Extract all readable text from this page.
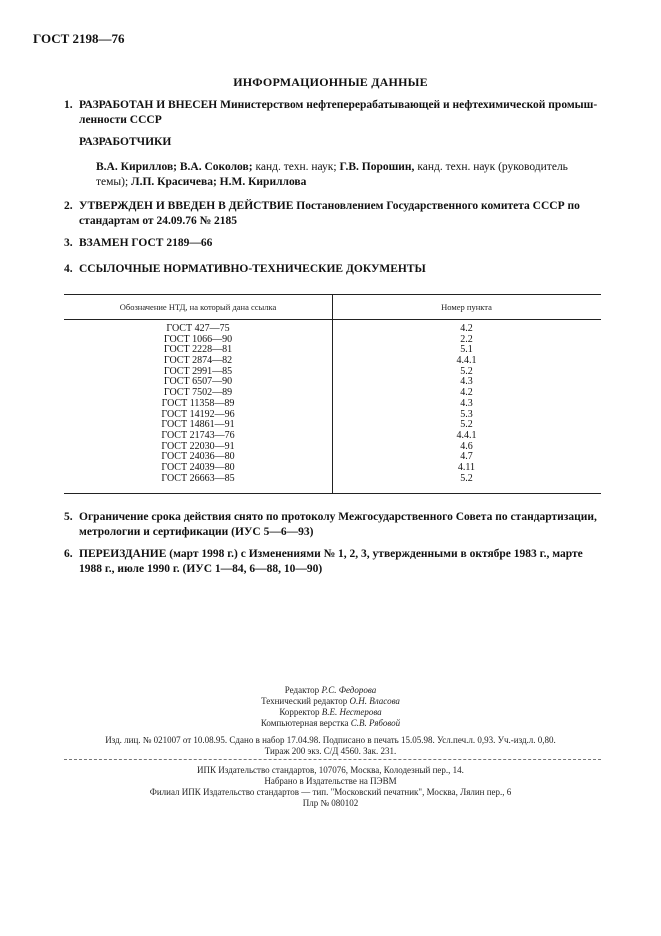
ГОСТ 2198—76
ИНФОРМАЦИОННЫЕ ДАННЫЕ
1. РАЗРАБОТАН И ВНЕСЕН Министерством нефтеперерабатывающей и нефтехимической промыш-
ленности СССР
РАЗРАБОТЧИКИ
В.А. Кириллов; В.А. Соколов; канд. техн. наук; Г.В. Порошин, канд. техн. наук (руководитель
темы); Л.П. Красичева; Н.М. Кириллова
2. УТВЕРЖДЕН И ВВЕДЕН В ДЕЙСТВИЕ Постановлением Государственного комитета СССР по
стандартам от 24.09.76 № 2185
3. ВЗАМЕН ГОСТ 2189—66
4. ССЫЛОЧНЫЕ НОРМАТИВНО-ТЕХНИЧЕСКИЕ ДОКУМЕНТЫ
Обозначение НТД, на который дана ссылка	Номер пункта
ГОСТ 427—75	4.2
ГОСТ 1066—90	2.2
ГОСТ 2228—81	5.1
ГОСТ 2874—82	4.4.1
ГОСТ 2991—85	5.2
ГОСТ 6507—90	4.3
ГОСТ 7502—89	4.2
ГОСТ 11358—89	4.3
ГОСТ 14192—96	5.3
ГОСТ 14861—91	5.2
ГОСТ 21743—76	4.4.1
ГОСТ 22030—91	4.6
ГОСТ 24036—80	4.7
ГОСТ 24039—80	4.11
ГОСТ 26663—85	5.2
5. Ограничение срока действия снято по протоколу Межгосударственного Совета по стандартизации,
метрологии и сертификации (ИУС 5—6—93)
6. ПЕРЕИЗДАНИЕ (март 1998 г.) с Изменениями № 1, 2, 3, утвержденными в октябре 1983 г., марте
1988 г., июле 1990 г. (ИУС 1—84, 6—88, 10—90)
Редактор Р.С. Федорова
Технический редактор О.Н. Власова
Корректор В.Е. Нестерова
Компьютерная верстка С.В. Рябовой
Изд. лиц. № 021007 от 10.08.95. Сдано в набор 17.04.98. Подписано в печать 15.05.98. Усл.печ.л. 0,93. Уч.-изд.л. 0,80.
Тираж 200 экз. С/Д 4560. Зак. 231.
ИПК Издательство стандартов, 107076, Москва, Колодезный пер., 14.
Набрано в Издательстве на ПЭВМ
Филиал ИПК Издательство стандартов — тип. "Московский печатник", Москва, Лялин пер., 6
Плр № 080102
